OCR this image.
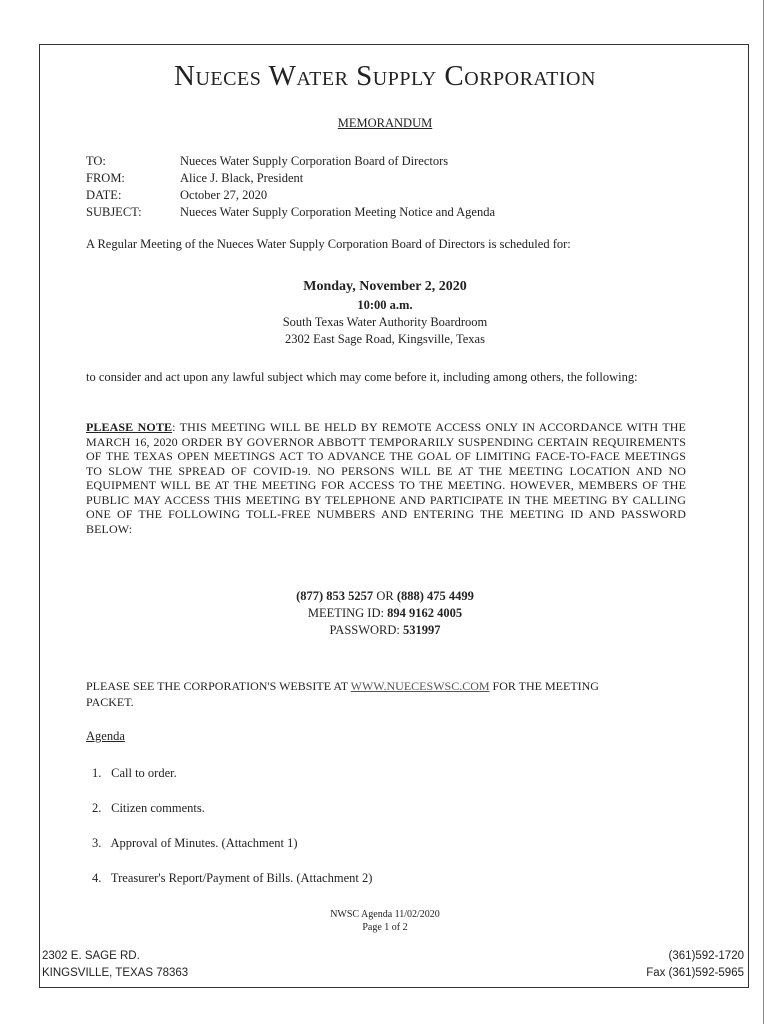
Nueces Water Supply Corporation
MEMORANDUM
TO:	Nueces Water Supply Corporation Board of Directors
FROM:	Alice J. Black, President
DATE:	October 27, 2020
SUBJECT:	Nueces Water Supply Corporation Meeting Notice and Agenda
A Regular Meeting of the Nueces Water Supply Corporation Board of Directors is scheduled for:
Monday, November 2, 2020
10:00 a.m.
South Texas Water Authority Boardroom
2302 East Sage Road, Kingsville, Texas
to consider and act upon any lawful subject which may come before it, including among others, the following:
PLEASE NOTE: THIS MEETING WILL BE HELD BY REMOTE ACCESS ONLY IN ACCORDANCE WITH THE MARCH 16, 2020 ORDER BY GOVERNOR ABBOTT TEMPORARILY SUSPENDING CERTAIN REQUIREMENTS OF THE TEXAS OPEN MEETINGS ACT TO ADVANCE THE GOAL OF LIMITING FACE-TO-FACE MEETINGS TO SLOW THE SPREAD OF COVID-19. NO PERSONS WILL BE AT THE MEETING LOCATION AND NO EQUIPMENT WILL BE AT THE MEETING FOR ACCESS TO THE MEETING. HOWEVER, MEMBERS OF THE PUBLIC MAY ACCESS THIS MEETING BY TELEPHONE AND PARTICIPATE IN THE MEETING BY CALLING ONE OF THE FOLLOWING TOLL-FREE NUMBERS AND ENTERING THE MEETING ID AND PASSWORD BELOW:
(877) 853 5257 OR (888) 475 4499
MEETING ID: 894 9162 4005
PASSWORD: 531997
PLEASE SEE THE CORPORATION'S WEBSITE AT WWW.NUECESWSC.COM FOR THE MEETING PACKET.
Agenda
1. Call to order.
2. Citizen comments.
3. Approval of Minutes. (Attachment 1)
4. Treasurer's Report/Payment of Bills. (Attachment 2)
NWSC Agenda 11/02/2020
Page 1 of 2
2302 E. SAGE RD.
KINGSVILLE, TEXAS 78363
(361)592-1720
Fax (361)592-5965
